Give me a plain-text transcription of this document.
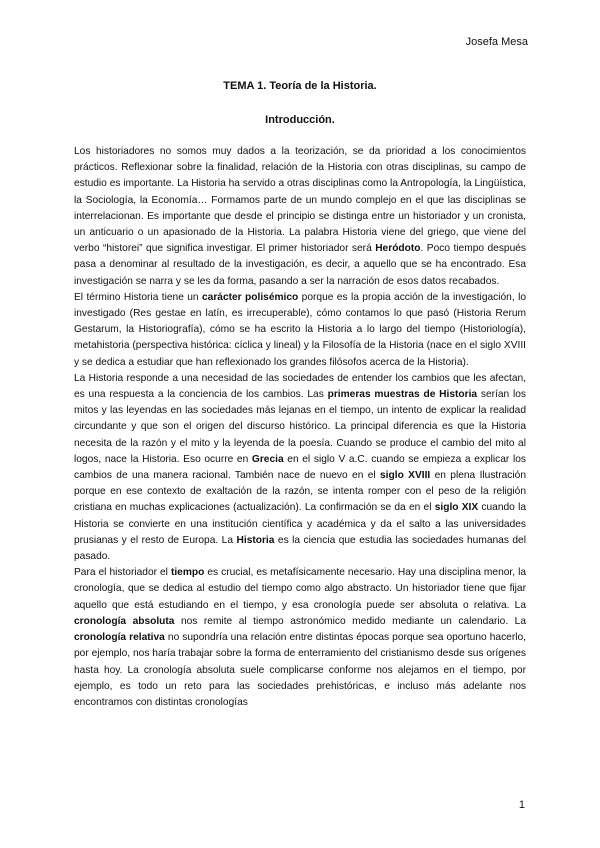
Josefa Mesa
TEMA 1. Teoría de la Historia.
Introducción.

Los historiadores no somos muy dados a la teorización, se da prioridad a los conocimientos prácticos. Reflexionar sobre la finalidad, relación de la Historia con otras disciplinas, su campo de estudio es importante. La Historia ha servido a otras disciplinas como la Antropología, la Lingüística, la Sociología, la Economía… Formamos parte de un mundo complejo en el que las disciplinas se interrelacionan. Es importante que desde el principio se distinga entre un historiador y un cronista, un anticuario o un apasionado de la Historia. La palabra Historia viene del griego, que viene del verbo “historei” que significa investigar. El primer historiador será Heródoto. Poco tiempo después pasa a denominar al resultado de la investigación, es decir, a aquello que se ha encontrado. Esa investigación se narra y se les da forma, pasando a ser la narración de esos datos recabados.

El término Historia tiene un carácter polisémico porque es la propia acción de la investigación, lo investigado (Res gestae en latín, es irrecuperable), cómo contamos lo que pasó (Historia Rerum Gestarum, la Historiografía), cómo se ha escrito la Historia a lo largo del tiempo (Historiología), metahistoria (perspectiva histórica: cíclica y lineal) y la Filosofía de la Historia (nace en el siglo XVIII y se dedica a estudiar que han reflexionado los grandes filósofos acerca de la Historia).

La Historia responde a una necesidad de las sociedades de entender los cambios que les afectan, es una respuesta a la conciencia de los cambios. Las primeras muestras de Historia serían los mitos y las leyendas en las sociedades más lejanas en el tiempo, un intento de explicar la realidad circundante y que son el origen del discurso histórico. La principal diferencia es que la Historia necesita de la razón y el mito y la leyenda de la poesía. Cuando se produce el cambio del mito al logos, nace la Historia. Eso ocurre en Grecia en el siglo V a.C. cuando se empieza a explicar los cambios de una manera racional. También nace de nuevo en el siglo XVIII en plena Ilustración porque en ese contexto de exaltación de la razón, se intenta romper con el peso de la religión cristiana en muchas explicaciones (actualización). La confirmación se da en el siglo XIX cuando la Historia se convierte en una institución científica y académica y da el salto a las universidades prusianas y el resto de Europa. La Historia es la ciencia que estudia las sociedades humanas del pasado.

Para el historiador el tiempo es crucial, es metafísicamente necesario. Hay una disciplina menor, la cronología, que se dedica al estudio del tiempo como algo abstracto. Un historiador tiene que fijar aquello que está estudiando en el tiempo, y esa cronología puede ser absoluta o relativa. La cronología absoluta nos remite al tiempo astronómico medido mediante un calendario. La cronología relativa no supondría una relación entre distintas épocas porque sea oportuno hacerlo, por ejemplo, nos haría trabajar sobre la forma de enterramiento del cristianismo desde sus orígenes hasta hoy. La cronología absoluta suele complicarse conforme nos alejamos en el tiempo, por ejemplo, es todo un reto para las sociedades prehistóricas, e incluso más adelante nos encontramos con distintas cronologías

1
